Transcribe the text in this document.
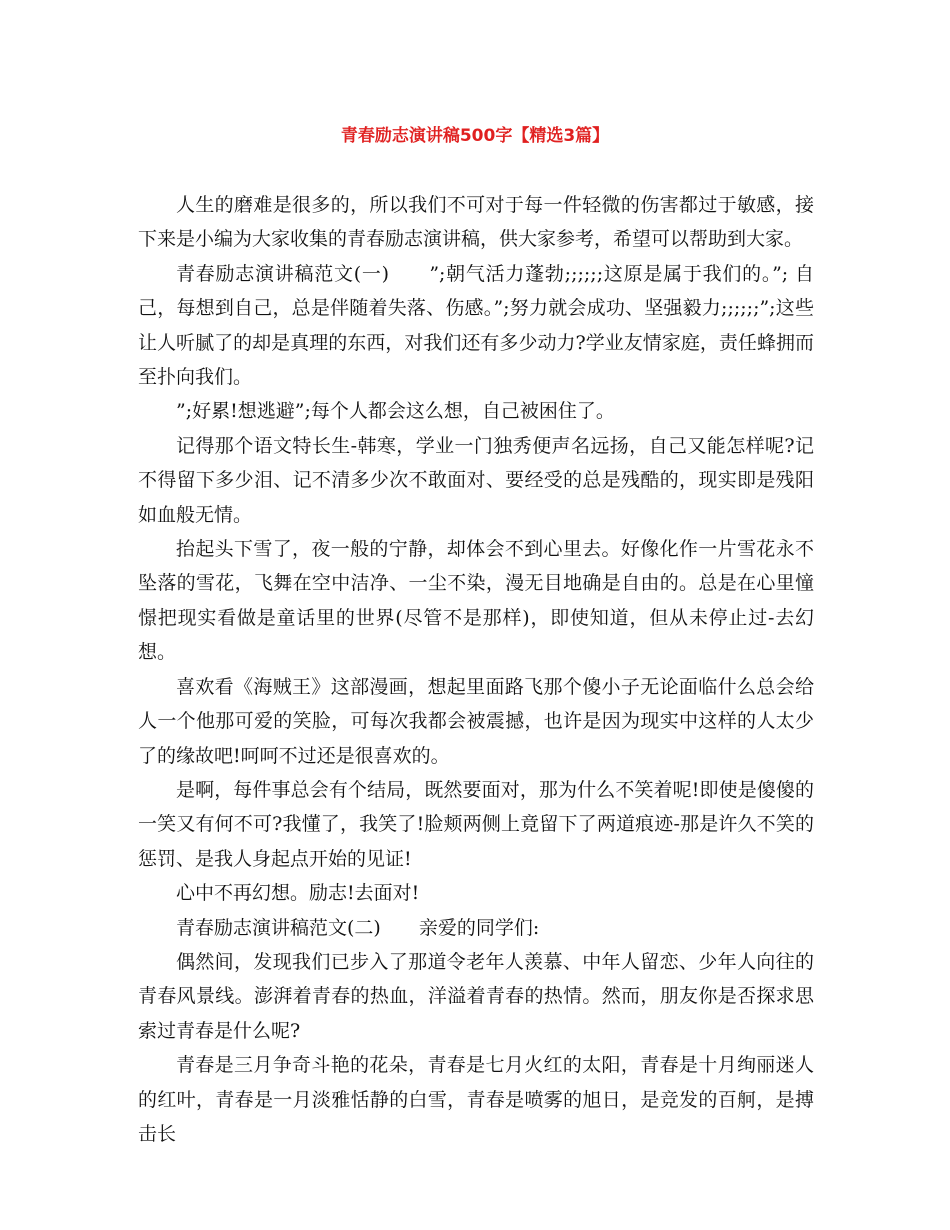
青春励志演讲稿500字【精选3篇】

人生的磨难是很多的，所以我们不可对于每一件轻微的伤害都过于敏感，接下来是小编为大家收集的青春励志演讲稿，供大家参考，希望可以帮助到大家。

青春励志演讲稿范文(一)　　”;朝气活力蓬勃;;;;;;这原是属于我们的。”; 自己，每想到自己，总是伴随着失落、伤感。”;努力就会成功、坚强毅力;;;;;;”;这些让人听腻了的却是真理的东西，对我们还有多少动力?学业友情家庭，责任蜂拥而至扑向我们。

”;好累!想逃避”;每个人都会这么想，自己被困住了。

记得那个语文特长生-韩寒，学业一门独秀便声名远扬，自己又能怎样呢?记不得留下多少泪、记不清多少次不敢面对、要经受的总是残酷的，现实即是残阳如血般无情。

抬起头下雪了，夜一般的宁静，却体会不到心里去。好像化作一片雪花永不坠落的雪花，飞舞在空中洁净、一尘不染，漫无目地确是自由的。总是在心里憧憬把现实看做是童话里的世界(尽管不是那样)，即使知道，但从未停止过-去幻想。

喜欢看《海贼王》这部漫画，想起里面路飞那个傻小子无论面临什么总会给人一个他那可爱的笑脸，可每次我都会被震撼，也许是因为现实中这样的人太少了的缘故吧!呵呵不过还是很喜欢的。

是啊，每件事总会有个结局，既然要面对，那为什么不笑着呢!即使是傻傻的一笑又有何不可?我懂了，我笑了!脸颊两侧上竟留下了两道痕迹-那是许久不笑的惩罚、是我人身起点开始的见证!

心中不再幻想。励志!去面对!

青春励志演讲稿范文(二)　　亲爱的同学们:

偶然间，发现我们已步入了那道令老年人羡慕、中年人留恋、少年人向往的青春风景线。澎湃着青春的热血，洋溢着青春的热情。然而，朋友你是否探求思索过青春是什么呢?

青春是三月争奇斗艳的花朵，青春是七月火红的太阳，青春是十月绚丽迷人的红叶，青春是一月淡雅恬静的白雪，青春是喷雾的旭日，是竞发的百舸，是搏击长
